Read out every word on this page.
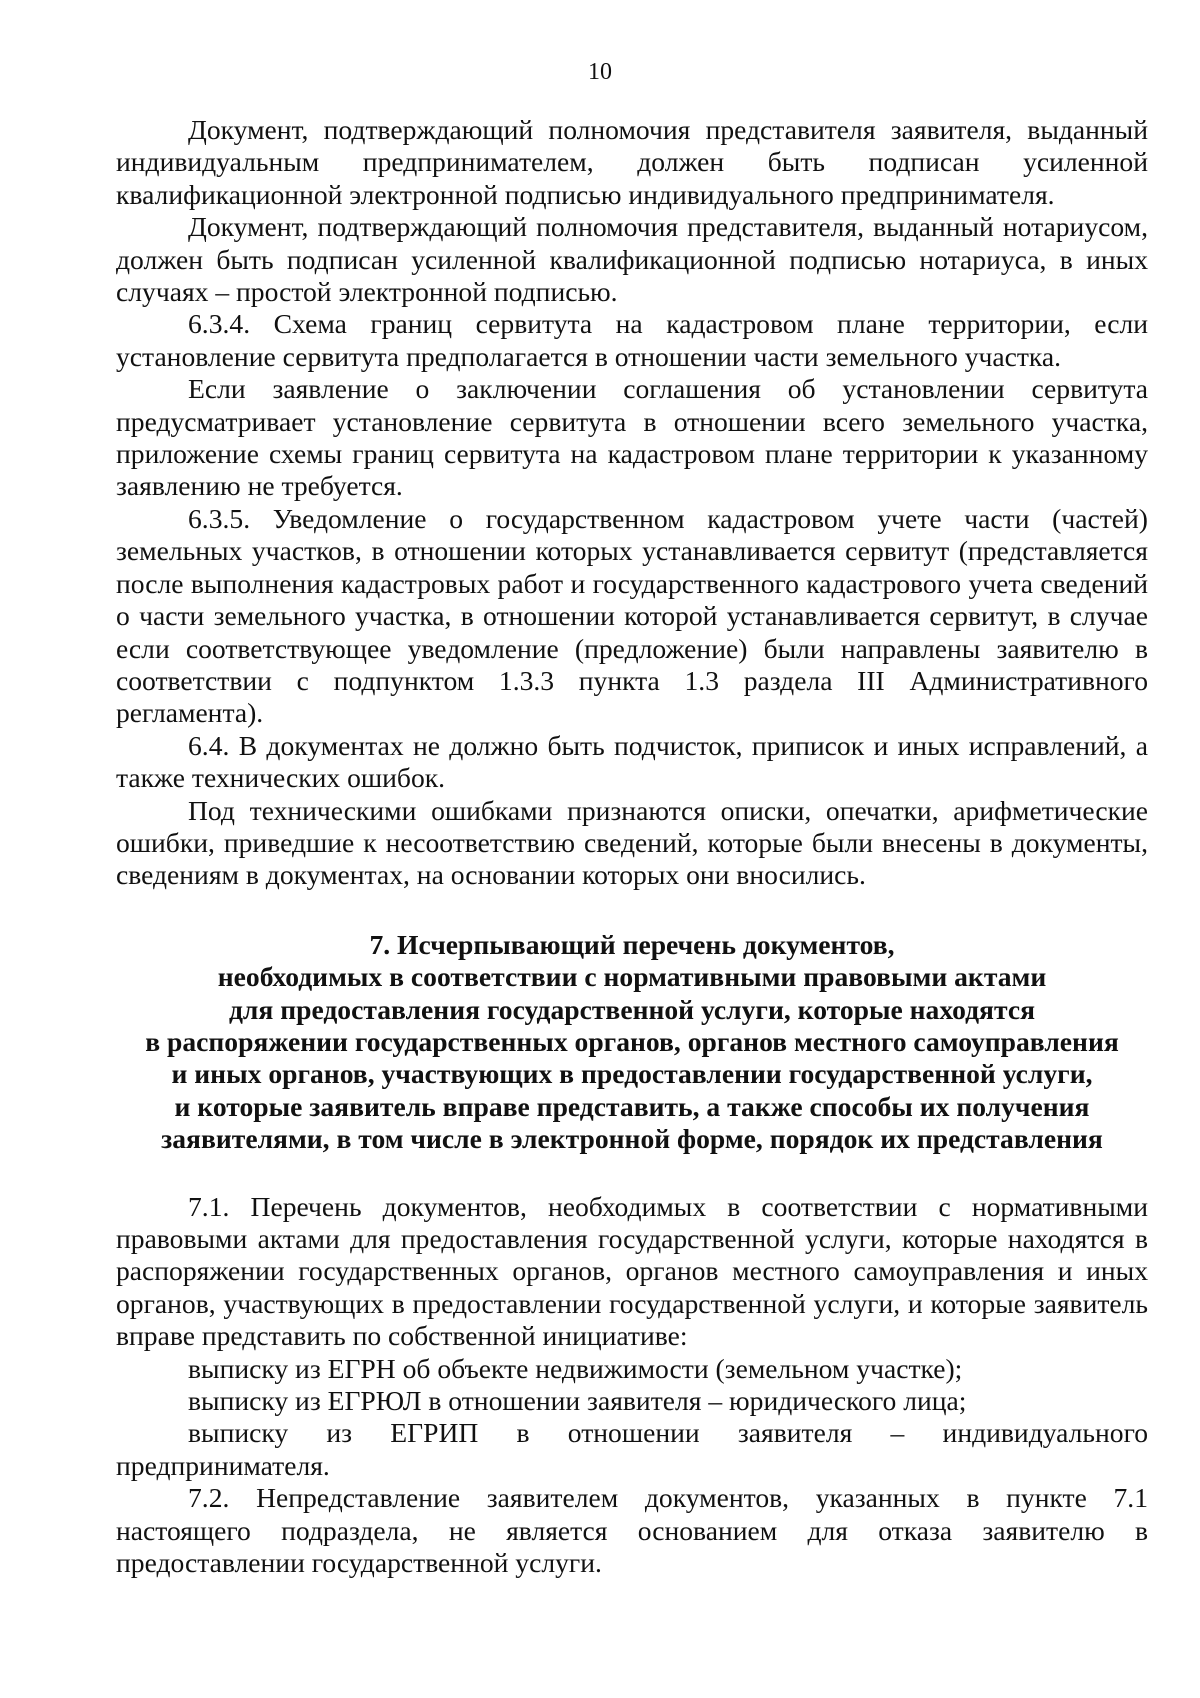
10

Документ, подтверждающий полномочия представителя заявителя, выданный индивидуальным предпринимателем, должен быть подписан усиленной квалификационной электронной подписью индивидуального предпринимателя.

Документ, подтверждающий полномочия представителя, выданный нотариусом, должен быть подписан усиленной квалификационной подписью нотариуса, в иных случаях – простой электронной подписью.

6.3.4. Схема границ сервитута на кадастровом плане территории, если установление сервитута предполагается в отношении части земельного участка.

Если заявление о заключении соглашения об установлении сервитута предусматривает установление сервитута в отношении всего земельного участка, приложение схемы границ сервитута на кадастровом плане территории к указанному заявлению не требуется.

6.3.5. Уведомление о государственном кадастровом учете части (частей) земельных участков, в отношении которых устанавливается сервитут (представляется после выполнения кадастровых работ и государственного кадастрового учета сведений о части земельного участка, в отношении которой устанавливается сервитут, в случае если соответствующее уведомление (предложение) были направлены заявителю в соответствии с подпунктом 1.3.3 пункта 1.3 раздела III Административного регламента).

6.4. В документах не должно быть подчисток, приписок и иных исправлений, а также технических ошибок.

Под техническими ошибками признаются описки, опечатки, арифметические ошибки, приведшие к несоответствию сведений, которые были внесены в документы, сведениям в документах, на основании которых они вносились.

7. Исчерпывающий перечень документов,
необходимых в соответствии с нормативными правовыми актами
для предоставления государственной услуги, которые находятся
в распоряжении государственных органов, органов местного самоуправления
и иных органов, участвующих в предоставлении государственной услуги,
и которые заявитель вправе представить, а также способы их получения
заявителями, в том числе в электронной форме, порядок их представления

7.1. Перечень документов, необходимых в соответствии с нормативными правовыми актами для предоставления государственной услуги, которые находятся в распоряжении государственных органов, органов местного самоуправления и иных органов, участвующих в предоставлении государственной услуги, и которые заявитель вправе представить по собственной инициативе:

выписку из ЕГРН об объекте недвижимости (земельном участке);

выписку из ЕГРЮЛ в отношении заявителя – юридического лица;

выписку из ЕГРИП в отношении заявителя – индивидуального предпринимателя.

7.2. Непредставление заявителем документов, указанных в пункте 7.1 настоящего подраздела, не является основанием для отказа заявителю в предоставлении государственной услуги.
